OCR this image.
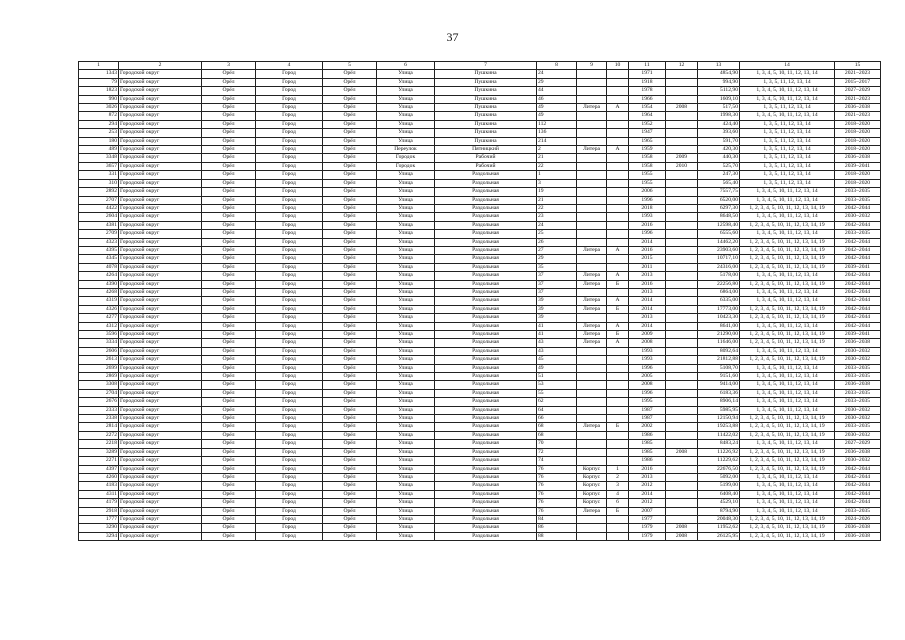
37
1	2	3	4	5	6	7	8	9	10	11	12	13	14	15
1343	Городской округ	Орёл	Город	Орёл	Улица	Пушкина	24			1971		4854,90	1, 3, 4, 5, 10, 11, 12, 13, 14	2021–2023
79	Городской округ	Орёл	Город	Орёл	Улица	Пушкина	29			1918		994,90	1, 3, 5, 11, 12, 13, 14	2015–2017
1823	Городской округ	Орёл	Город	Орёл	Улица	Пушкина	44			1978		5112,90	1, 3, 4, 5, 10, 11, 12, 13, 14	2027–2029
990	Городской округ	Орёл	Город	Орёл	Улица	Пушкина	46			1966		1609,10	1, 3, 4, 5, 10, 11, 12, 13, 14	2021–2023
3026	Городской округ	Орёл	Город	Орёл	Улица	Пушкина	49	Литера	А	1954	2008	517,50	1, 3, 5, 11, 12, 13, 14	2036–2038
872	Городской округ	Орёл	Город	Орёл	Улица	Пушкина	49			1964		1998,30	1, 3, 4, 5, 10, 11, 12, 13, 14	2021–2023
294	Городской округ	Орёл	Город	Орёл	Улица	Пушкина	112			1952		424,40	1, 3, 5, 11, 12, 13, 14	2018–2020
253	Городской округ	Орёл	Город	Орёл	Улица	Пушкина	136			1947		393,60	1, 3, 5, 11, 12, 13, 14	2018–2020
180	Городской округ	Орёл	Город	Орёл	Улица	Пушкина	214			1965		591,70	1, 3, 5, 11, 12, 13, 14	2018–2020
489	Городской округ	Орёл	Город	Орёл	Переулок	Пятницкий	2	Литера	А	1959		420,30	1, 3, 5, 11, 12, 13, 14	2018–2020
3348	Городской округ	Орёл	Город	Орёл	Городок	Рабочий	21			1958	2009	440,30	1, 3, 5, 11, 12, 13, 14	2036–2038
3657	Городской округ	Орёл	Город	Орёл	Городок	Рабочий	22			1958	2010	525,70	1, 3, 5, 11, 12, 13, 14	2039–2041
331	Городской округ	Орёл	Город	Орёл	Улица	Раздольная	1			1955		247,30	1, 3, 5, 11, 12, 13, 14	2018–2020
310	Городской округ	Орёл	Город	Орёл	Улица	Раздольная	3			1955		565,40	1, 3, 5, 11, 12, 13, 14	2018–2020
2892	Городской округ	Орёл	Город	Орёл	Улица	Раздольная	19			2006		7557,75	1, 3, 4, 5, 10, 11, 12, 13, 14	2033–2035
2707	Городской округ	Орёл	Город	Орёл	Улица	Раздольная	21			1996		6520,00	1, 3, 4, 5, 10, 11, 12, 13, 14	2033–2035
4422	Городской округ	Орёл	Город	Орёл	Улица	Раздольная	22			2018		6297,30	1, 2, 3, 4, 5, 10, 11, 12, 13, 14, 19	2042–2044
2604	Городской округ	Орёл	Город	Орёл	Улица	Раздольная	23			1993		8648,50	1, 3, 4, 5, 10, 11, 12, 13, 14	2030–2032
4381	Городской округ	Орёл	Город	Орёл	Улица	Раздольная	24			2016		12598,40	1, 2, 3, 4, 5, 10, 11, 12, 13, 14, 19	2042–2044
2709	Городской округ	Орёл	Город	Орёл	Улица	Раздольная	25			1996		6555,60	1, 3, 4, 5, 10, 11, 12, 13, 14	2033–2035
4323	Городской округ	Орёл	Город	Орёл	Улица	Раздольная	26			2014		14462,20	1, 2, 3, 4, 5, 10, 11, 12, 13, 14, 19	2042–2044
4395	Городской округ	Орёл	Город	Орёл	Улица	Раздольная	27	Литера	А	2016		23903,60	1, 2, 3, 4, 5, 10, 11, 12, 13, 14, 19	2042–2044
4345	Городской округ	Орёл	Город	Орёл	Улица	Раздольная	29			2015		10717,10	1, 2, 3, 4, 5, 10, 11, 12, 13, 14, 19	2042–2044
4078	Городской округ	Орёл	Город	Орёл	Улица	Раздольная	35			2011		24316,00	1, 2, 3, 4, 5, 10, 11, 12, 13, 14, 19	2039–2041
4264	Городской округ	Орёл	Город	Орёл	Улица	Раздольная	37	Литера	А	2013		5178,00	1, 3, 4, 5, 10, 11, 12, 13, 14	2042–2044
4390	Городской округ	Орёл	Город	Орёл	Улица	Раздольная	37	Литера	Б	2016		22256,80	1, 2, 3, 4, 5, 10, 11, 12, 13, 14, 19	2042–2044
4268	Городской округ	Орёл	Город	Орёл	Улица	Раздольная	37			2013		6864,00	1, 3, 4, 5, 10, 11, 12, 13, 14	2042–2044
4319	Городской округ	Орёл	Город	Орёл	Улица	Раздольная	39	Литера	А	2014		6335,00	1, 3, 4, 5, 10, 11, 12, 13, 14	2042–2044
4326	Городской округ	Орёл	Город	Орёл	Улица	Раздольная	39	Литера	Б	2014		17773,00	1, 2, 3, 4, 5, 10, 11, 12, 13, 14, 19	2042–2044
4277	Городской округ	Орёл	Город	Орёл	Улица	Раздольная	39			2013		10423,30	1, 2, 3, 4, 5, 10, 11, 12, 13, 14, 19	2042–2044
4312	Городской округ	Орёл	Город	Орёл	Улица	Раздольная	41	Литера	А	2014		8641,00	1, 3, 4, 5, 10, 11, 12, 13, 14	2042–2044
3596	Городской округ	Орёл	Город	Орёл	Улица	Раздольная	41	Литера	Б	2009		21290,00	1, 2, 3, 4, 5, 10, 11, 12, 13, 14, 19	2039–2041
3334	Городской округ	Орёл	Город	Орёл	Улица	Раздольная	43	Литера	А	2008		11646,00	1, 2, 3, 4, 5, 10, 11, 12, 13, 14, 19	2036–2038
2606	Городской округ	Орёл	Город	Орёл	Улица	Раздольная	43			1993		8092,64	1, 3, 4, 5, 10, 11, 12, 13, 14	2030–2032
2613	Городской округ	Орёл	Город	Орёл	Улица	Раздольная	45			1993		21812,88	1, 2, 3, 4, 5, 10, 11, 12, 13, 14, 19	2030–2032
2699	Городской округ	Орёл	Город	Орёл	Улица	Раздольная	49			1996		5108,70	1, 3, 4, 5, 10, 11, 12, 13, 14	2033–2035
2869	Городской округ	Орёл	Город	Орёл	Улица	Раздольная	51			2005		9151,60	1, 3, 4, 5, 10, 11, 12, 13, 14	2033–2035
3308	Городской округ	Орёл	Город	Орёл	Улица	Раздольная	53			2008		9414,00	1, 3, 4, 5, 10, 11, 12, 13, 14	2036–2038
2704	Городской округ	Орёл	Город	Орёл	Улица	Раздольная	55			1996		6183,36	1, 3, 4, 5, 10, 11, 12, 13, 14	2033–2035
2676	Городской округ	Орёл	Город	Орёл	Улица	Раздольная	62			1995		8906,14	1, 3, 4, 5, 10, 11, 12, 13, 14	2033–2035
2333	Городской округ	Орёл	Город	Орёл	Улица	Раздольная	64			1987		5985,95	1, 3, 4, 5, 10, 11, 12, 13, 14	2030–2032
2338	Городской округ	Орёл	Город	Орёл	Улица	Раздольная	66			1987		12150,94	1, 2, 3, 4, 5, 10, 11, 12, 13, 14, 19	2030–2032
2814	Городской округ	Орёл	Город	Орёл	Улица	Раздольная	68	Литера	Б	2002		19253,88	1, 2, 3, 4, 5, 10, 11, 12, 13, 14, 19	2033–2035
2272	Городской округ	Орёл	Город	Орёл	Улица	Раздольная	68			1986		11422,02	1, 2, 3, 4, 5, 10, 11, 12, 13, 14, 19	2030–2032
2218	Городской округ	Орёл	Город	Орёл	Улица	Раздольная	70			1985		8483,24	1, 3, 4, 5, 10, 11, 12, 13, 14	2027–2029
3289	Городской округ	Орёл	Город	Орёл	Улица	Раздольная	72			1985	2008	11226,92	1, 2, 3, 4, 5, 10, 11, 12, 13, 14, 19	2036–2038
2271	Городской округ	Орёл	Город	Орёл	Улица	Раздольная	74			1986		11229,62	1, 2, 3, 4, 5, 10, 11, 12, 13, 14, 19	2030–2032
4397	Городской округ	Орёл	Город	Орёл	Улица	Раздольная	76	Корпус	1	2016		22676,50	1, 2, 3, 4, 5, 10, 11, 12, 13, 14, 19	2042–2044
4260	Городской округ	Орёл	Город	Орёл	Улица	Раздольная	76	Корпус	2	2013		5092,00	1, 3, 4, 5, 10, 11, 12, 13, 14	2042–2044
4183	Городской округ	Орёл	Город	Орёл	Улица	Раздольная	76	Корпус	3	2012		5199,00	1, 3, 4, 5, 10, 11, 12, 13, 14	2042–2044
4311	Городской округ	Орёл	Город	Орёл	Улица	Раздольная	76	Корпус	4	2014		6408,40	1, 3, 4, 5, 10, 11, 12, 13, 14	2042–2044
4179	Городской округ	Орёл	Город	Орёл	Улица	Раздольная	76	Корпус	6	2012		4529,10	1, 3, 4, 5, 10, 11, 12, 13, 14	2042–2044
2918	Городской округ	Орёл	Город	Орёл	Улица	Раздольная	76	Литера	Б	2007		8794,90	1, 3, 4, 5, 10, 11, 12, 13, 14	2033–2035
1777	Городской округ	Орёл	Город	Орёл	Улица	Раздольная	84			1977		20048,30	1, 2, 3, 4, 5, 10, 11, 12, 13, 14, 19	2024–2026
3290	Городской округ	Орёл	Город	Орёл	Улица	Раздольная	86			1979	2008	11952,62	1, 2, 3, 4, 5, 10, 11, 12, 13, 14, 19	2036–2038
3294	Городской округ	Орёл	Город	Орёл	Улица	Раздольная	88			1979	2008	26125,95	1, 2, 3, 4, 5, 10, 11, 12, 13, 14, 19	2036–2038
